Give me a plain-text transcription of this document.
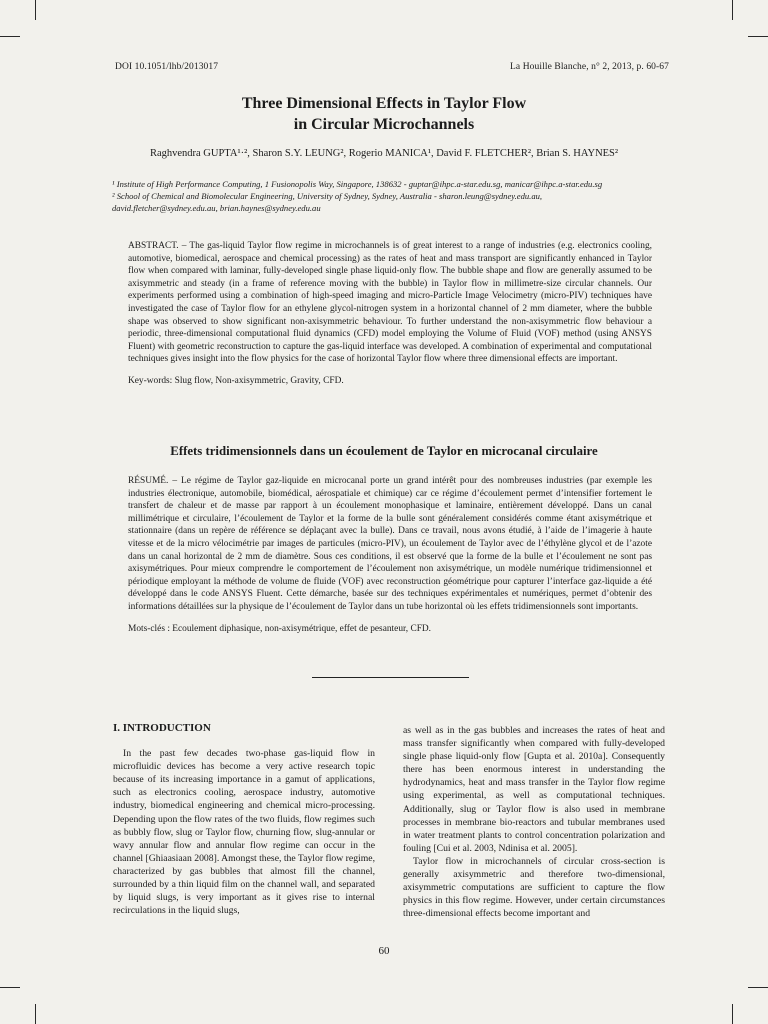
DOI 10.1051/lhb/2013017	La Houille Blanche, n° 2, 2013, p. 60-67
Three Dimensional Effects in Taylor Flow
in Circular Microchannels
Raghvendra GUPTA¹·², Sharon S.Y. LEUNG², Rogerio MANICA¹, David F. FLETCHER², Brian S. HAYNES²
¹ Institute of High Performance Computing, 1 Fusionopolis Way, Singapore, 138632 - guptar@ihpc.a-star.edu.sg, manicar@ihpc.a-star.edu.sg
² School of Chemical and Biomolecular Engineering, University of Sydney, Sydney, Australia - sharon.leung@sydney.edu.au,
david.fletcher@sydney.edu.au, brian.haynes@sydney.edu.au

ABSTRACT. – The gas-liquid Taylor flow regime in microchannels is of great interest to a range of industries (e.g. electronics cooling, automotive, biomedical, aerospace and chemical processing) as the rates of heat and mass transport are significantly enhanced in Taylor flow when compared with laminar, fully-developed single phase liquid-only flow. The bubble shape and flow are generally assumed to be axisymmetric and steady (in a frame of reference moving with the bubble) in Taylor flow in millimetre-size circular channels. Our experiments performed using a combination of high-speed imaging and micro-Particle Image Velocimetry (micro-PIV) techniques have investigated the case of Taylor flow for an ethylene glycol-nitrogen system in a horizontal channel of 2 mm diameter, where the bubble shape was observed to show significant non-axisymmetric behaviour. To further understand the non-axisymmetric flow behaviour a periodic, three-dimensional computational fluid dynamics (CFD) model employing the Volume of Fluid (VOF) method (using ANSYS Fluent) with geometric reconstruction to capture the gas-liquid interface was developed. A combination of experimental and computational techniques gives insight into the flow physics for the case of horizontal Taylor flow where three dimensional effects are important.

Key-words: Slug flow, Non-axisymmetric, Gravity, CFD.

Effets tridimensionnels dans un écoulement de Taylor en microcanal circulaire

RÉSUMÉ. – Le régime de Taylor gaz-liquide en microcanal porte un grand intérêt pour des nombreuses industries (par exemple les industries électronique, automobile, biomédical, aérospatiale et chimique) car ce régime d’écoulement permet d’intensifier fortement le transfert de chaleur et de masse par rapport à un écoulement monophasique et laminaire, entièrement développé. Dans un canal millimétrique et circulaire, l’écoulement de Taylor et la forme de la bulle sont généralement considérés comme étant axisymétrique et stationnaire (dans un repère de référence se déplaçant avec la bulle). Dans ce travail, nous avons étudié, à l’aide de l’imagerie à haute vitesse et de la micro vélocimétrie par images de particules (micro-PIV), un écoulement de Taylor avec de l’éthylène glycol et de l’azote dans un canal horizontal de 2 mm de diamètre. Sous ces conditions, il est observé que la forme de la bulle et l’écoulement ne sont pas axisymétriques. Pour mieux comprendre le comportement de l’écoulement non axisymétrique, un modèle numérique tridimensionnel et périodique employant la méthode de volume de fluide (VOF) avec reconstruction géométrique pour capturer l’interface gaz-liquide a été développé dans le code ANSYS Fluent. Cette démarche, basée sur des techniques expérimentales et numériques, permet d’obtenir des informations détaillées sur la physique de l’écoulement de Taylor dans un tube horizontal où les effets tridimensionnels sont importants.

Mots-clés : Ecoulement diphasique, non-axisymétrique, effet de pesanteur, CFD.

I. INTRODUCTION

In the past few decades two-phase gas-liquid flow in microfluidic devices has become a very active research topic because of its increasing importance in a gamut of applications, such as electronics cooling, aerospace industry, automotive industry, biomedical engineering and chemical micro-processing. Depending upon the flow rates of the two fluids, flow regimes such as bubbly flow, slug or Taylor flow, churning flow, slug-annular or wavy annular flow and annular flow regime can occur in the channel [Ghiaasiaan 2008]. Amongst these, the Taylor flow regime, characterized by gas bubbles that almost fill the channel, surrounded by a thin liquid film on the channel wall, and separated by liquid slugs, is very important as it gives rise to internal recirculations in the liquid slugs,

as well as in the gas bubbles and increases the rates of heat and mass transfer significantly when compared with fully-developed single phase liquid-only flow [Gupta et al. 2010a]. Consequently there has been enormous interest in understanding the hydrodynamics, heat and mass transfer in the Taylor flow regime using experimental, as well as computational techniques. Additionally, slug or Taylor flow is also used in membrane processes in membrane bio-reactors and tubular membranes used in water treatment plants to control concentration polarization and fouling [Cui et al. 2003, Ndinisa et al. 2005].

Taylor flow in microchannels of circular cross-section is generally axisymmetric and therefore two-dimensional, axisymmetric computations are sufficient to capture the flow physics in this flow regime. However, under certain circumstances three-dimensional effects become important and

60
